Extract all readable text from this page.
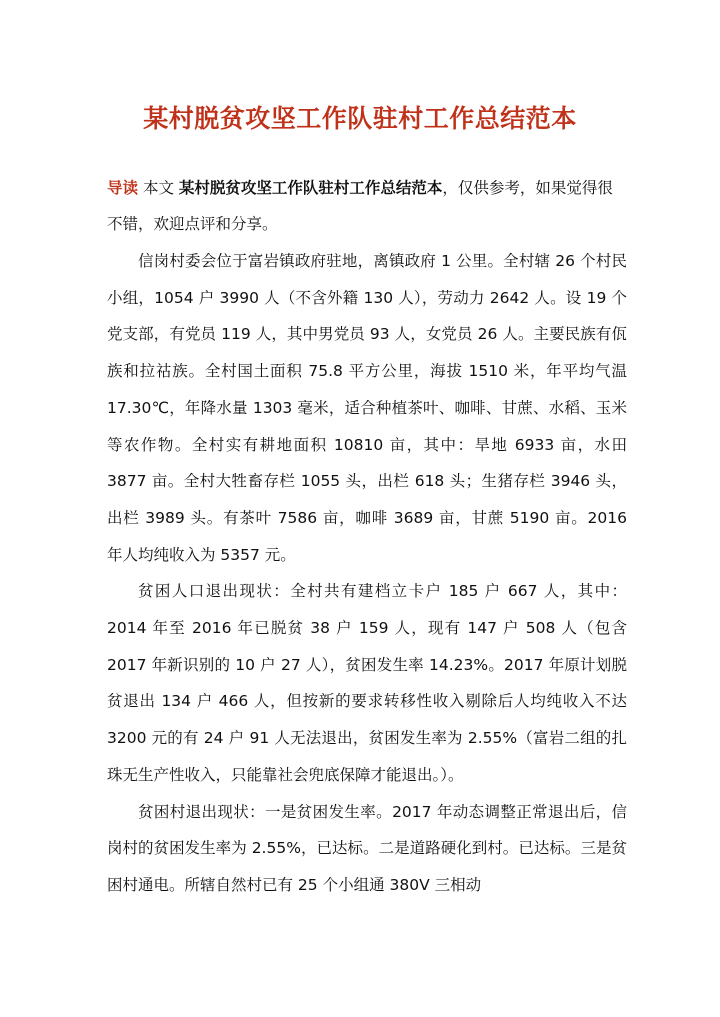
某村脱贫攻坚工作队驻村工作总结范本
导读 本文 某村脱贫攻坚工作队驻村工作总结范本，仅供参考，如果觉得很不错，欢迎点评和分享。

信岗村委会位于富岩镇政府驻地，离镇政府 1 公里。全村辖 26 个村民小组，1054 户 3990 人（不含外籍 130 人），劳动力 2642 人。设 19 个党支部，有党员 119 人，其中男党员 93 人，女党员 26 人。主要民族有佤族和拉祜族。全村国土面积 75.8 平方公里，海拔 1510 米，年平均气温 17.30℃，年降水量 1303 毫米，适合种植茶叶、咖啡、甘蔗、水稻、玉米等农作物。全村实有耕地面积 10810 亩，其中：旱地 6933 亩，水田 3877 亩。全村大牲畜存栏 1055 头，出栏 618 头；生猪存栏 3946 头，出栏 3989 头。有茶叶 7586 亩，咖啡 3689 亩，甘蔗 5190 亩。2016 年人均纯收入为 5357 元。

贫困人口退出现状：全村共有建档立卡户 185 户 667 人，其中：2014 年至 2016 年已脱贫 38 户 159 人，现有 147 户 508 人（包含 2017 年新识别的 10 户 27 人），贫困发生率 14.23%。2017 年原计划脱贫退出 134 户 466 人，但按新的要求转移性收入剔除后人均纯收入不达 3200 元的有 24 户 91 人无法退出，贫困发生率为 2.55%（富岩二组的扎珠无生产性收入，只能靠社会兜底保障才能退出。）。

贫困村退出现状：一是贫困发生率。2017 年动态调整正常退出后，信岗村的贫困发生率为 2.55%，已达标。二是道路硬化到村。已达标。三是贫困村通电。所辖自然村已有 25 个小组通 380V 三相动
